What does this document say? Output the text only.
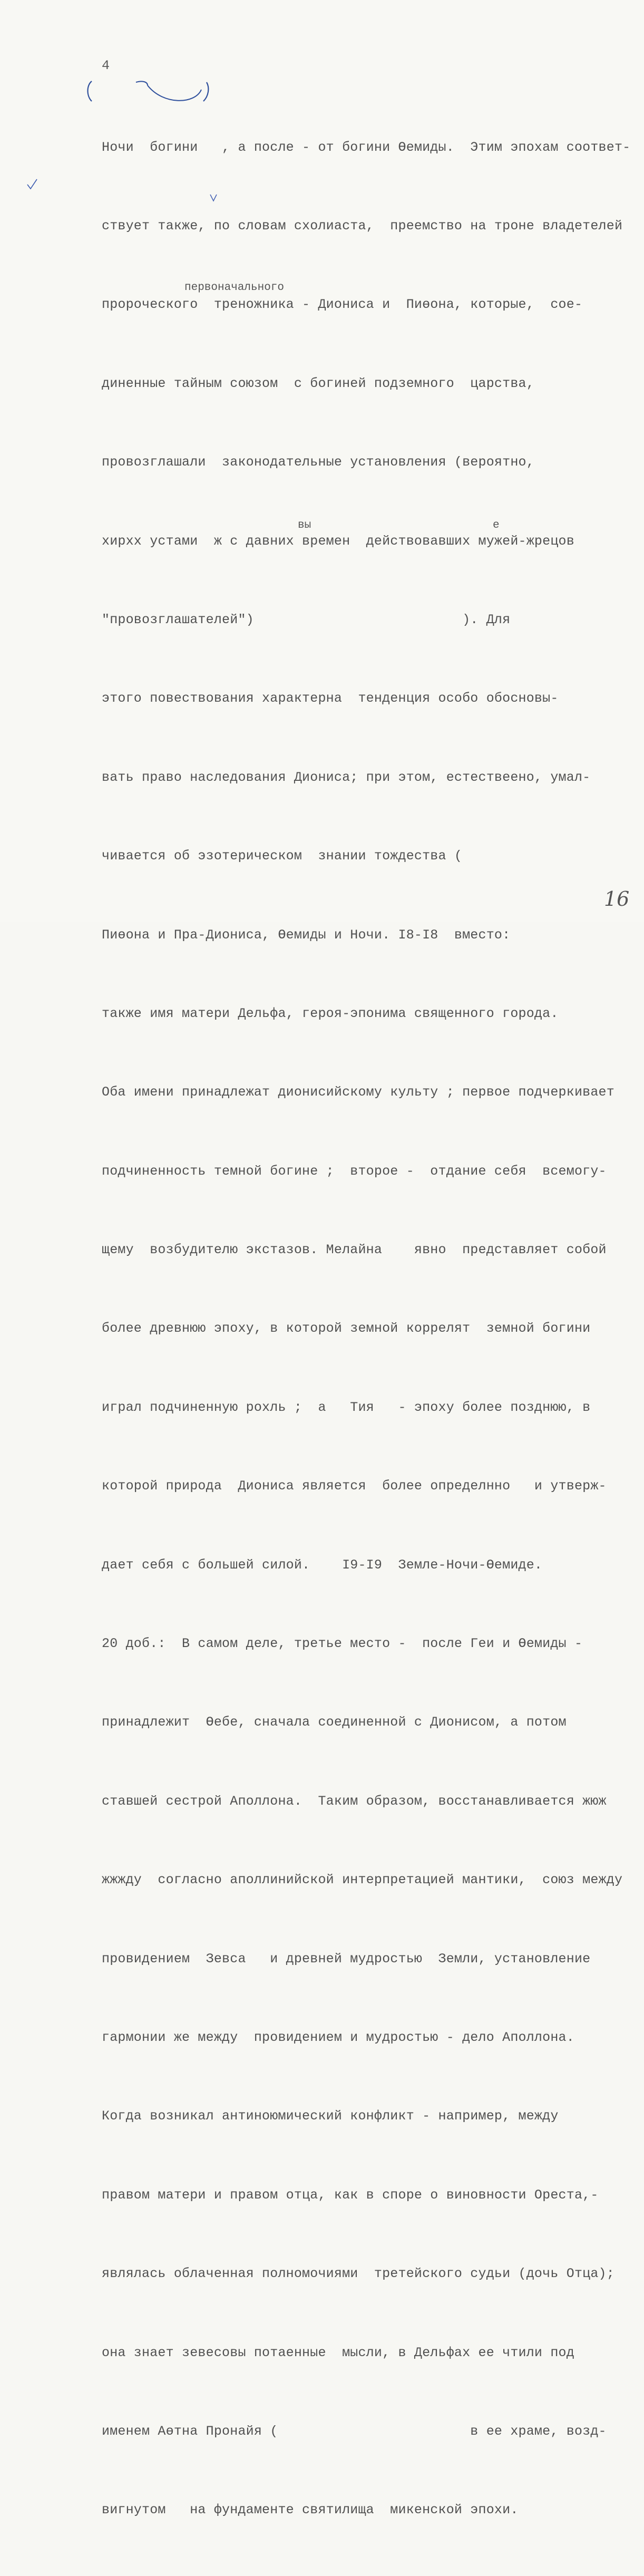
4

Ночи  богини   , а после - от богини Өемиды.  Этим эпохам соответ-

ствует также, по словам схолиаста,  преемство на троне владетелей

пророческого  треножника - Диониса и  Пиөона, которые,  сое-

диненные тайным союзом  с богиней подземного  царства,

провозглашали  законодательные установления (вероятно,

xирxх устами  ж с давних времен  действовавших мужей-жрецов

"провозглашателей")                          ). Для

этого повествования характерна  тенденция особо обосновы-

вать право наследования Диониса; при этом, естествеено, умал-

чивается об эзотерическом  знании тождества (

Пиөона и Пра-Диониса, Өемиды и Ночи. I8-I8  вместо:

также имя матери Дельфа, героя-эпонима священного города.

Оба имени принадлежат дионисийскому культу ; первое подчеркивает

подчиненность темной богине ;  второе -  отдание себя  всемогу-

щему  возбудителю экстазов. Мелайна    явно  представляет собой

более древнюю эпоху, в которой земной коррелят  земной богини

играл подчиненную рохль ;  а   Тия   - эпоху более позднюю, в

которой природа  Диониса является  более определнно   и утверж-

дает себя с большей силой.    I9-I9  Земле-Ночи-Өемиде.

20 доб.:  В самом деле, третье место -  после Геи и Өемиды -

принадлежит  Өебе, сначала соединенной с Дионисом, а потом

ставшей сестрой Аполлона.  Таким образом, восстанавливается жюж

жжжду  согласно аполлинийской интерпретацией мантики,  союз между

провидением  Зевса   и древней мудростью  Земли, установление

гармонии же между  провидением и мудростью - дело Аполлона.

Когда возникал антиноюмический конфликт - например, между

правом матери и правом отца, как в споре о виновности Ореста,-

являлась облаченная полномочиями  третейского судьи (дочь Отца);

она знает зевесовы потаенные  мысли, в Дельфах ее чтили под

именем Аөтна Пронайя (                        в ее храме, возд-

вигнутом   на фундаменте святилища  микенской эпохи.

первоначального
вы	е
16
